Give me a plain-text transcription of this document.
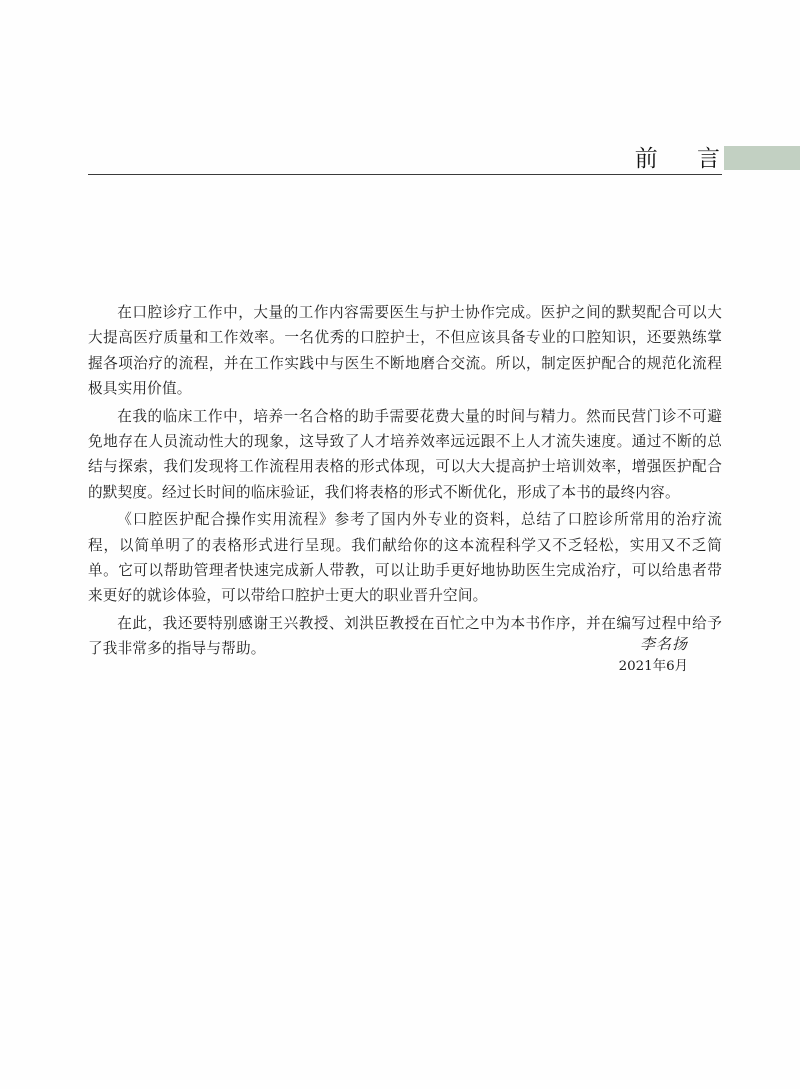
前    言

在口腔诊疗工作中，大量的工作内容需要医生与护士协作完成。医护之间的默契配合可以大大提高医疗质量和工作效率。一名优秀的口腔护士，不但应该具备专业的口腔知识，还要熟练掌握各项治疗的流程，并在工作实践中与医生不断地磨合交流。所以，制定医护配合的规范化流程极具实用价值。

在我的临床工作中，培养一名合格的助手需要花费大量的时间与精力。然而民营门诊不可避免地存在人员流动性大的现象，这导致了人才培养效率远远跟不上人才流失速度。通过不断的总结与探索，我们发现将工作流程用表格的形式体现，可以大大提高护士培训效率，增强医护配合的默契度。经过长时间的临床验证，我们将表格的形式不断优化，形成了本书的最终内容。

《口腔医护配合操作实用流程》参考了国内外专业的资料，总结了口腔诊所常用的治疗流程，以简单明了的表格形式进行呈现。我们献给你的这本流程科学又不乏轻松，实用又不乏简单。它可以帮助管理者快速完成新人带教，可以让助手更好地协助医生完成治疗，可以给患者带来更好的就诊体验，可以带给口腔护士更大的职业晋升空间。

在此，我还要特别感谢王兴教授、刘洪臣教授在百忙之中为本书作序，并在编写过程中给予了我非常多的指导与帮助。	李名扬
2021年6月
